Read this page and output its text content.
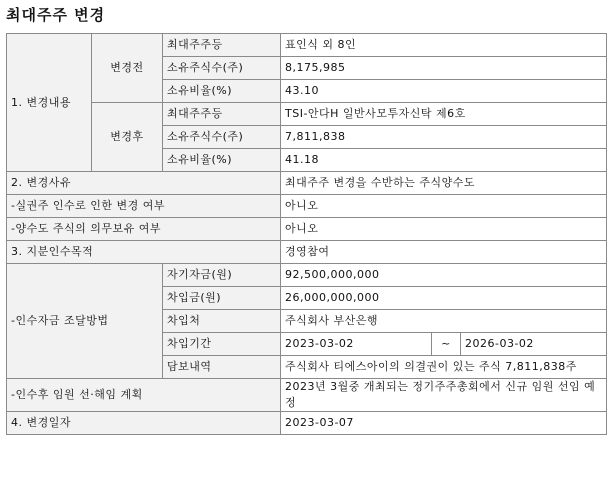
최대주주 변경
1. 변경내용	변경전	최대주주등	표인식 외 8인		
		소유주식수(주)	8,175,985		
		소유비율(%)	43.10		
	변경후	최대주주등	TSI-안다H 일반사모투자신탁 제6호		
		소유주식수(주)	7,811,838		
		소유비율(%)	41.18		
2. 변경사유			최대주주 변경을 수반하는 주식양수도		
-실권주 인수로 인한 변경 여부			아니오		
-양수도 주식의 의무보유 여부			아니오		
3. 지분인수목적			경영참여		
-인수자금 조달방법		자기자금(원)	92,500,000,000		
		차입금(원)	26,000,000,000		
		차입처	주식회사 부산은행		
		차입기간	2023-03-02	~	2026-03-02
		담보내역	주식회사 티에스아이의 의결권이 있는 주식 7,811,838주		
-인수후 임원 선·해임 계획			2023년 3월중 개최되는 정기주주총회에서 신규 임원 선임 예정		
4. 변경일자			2023-03-07		
